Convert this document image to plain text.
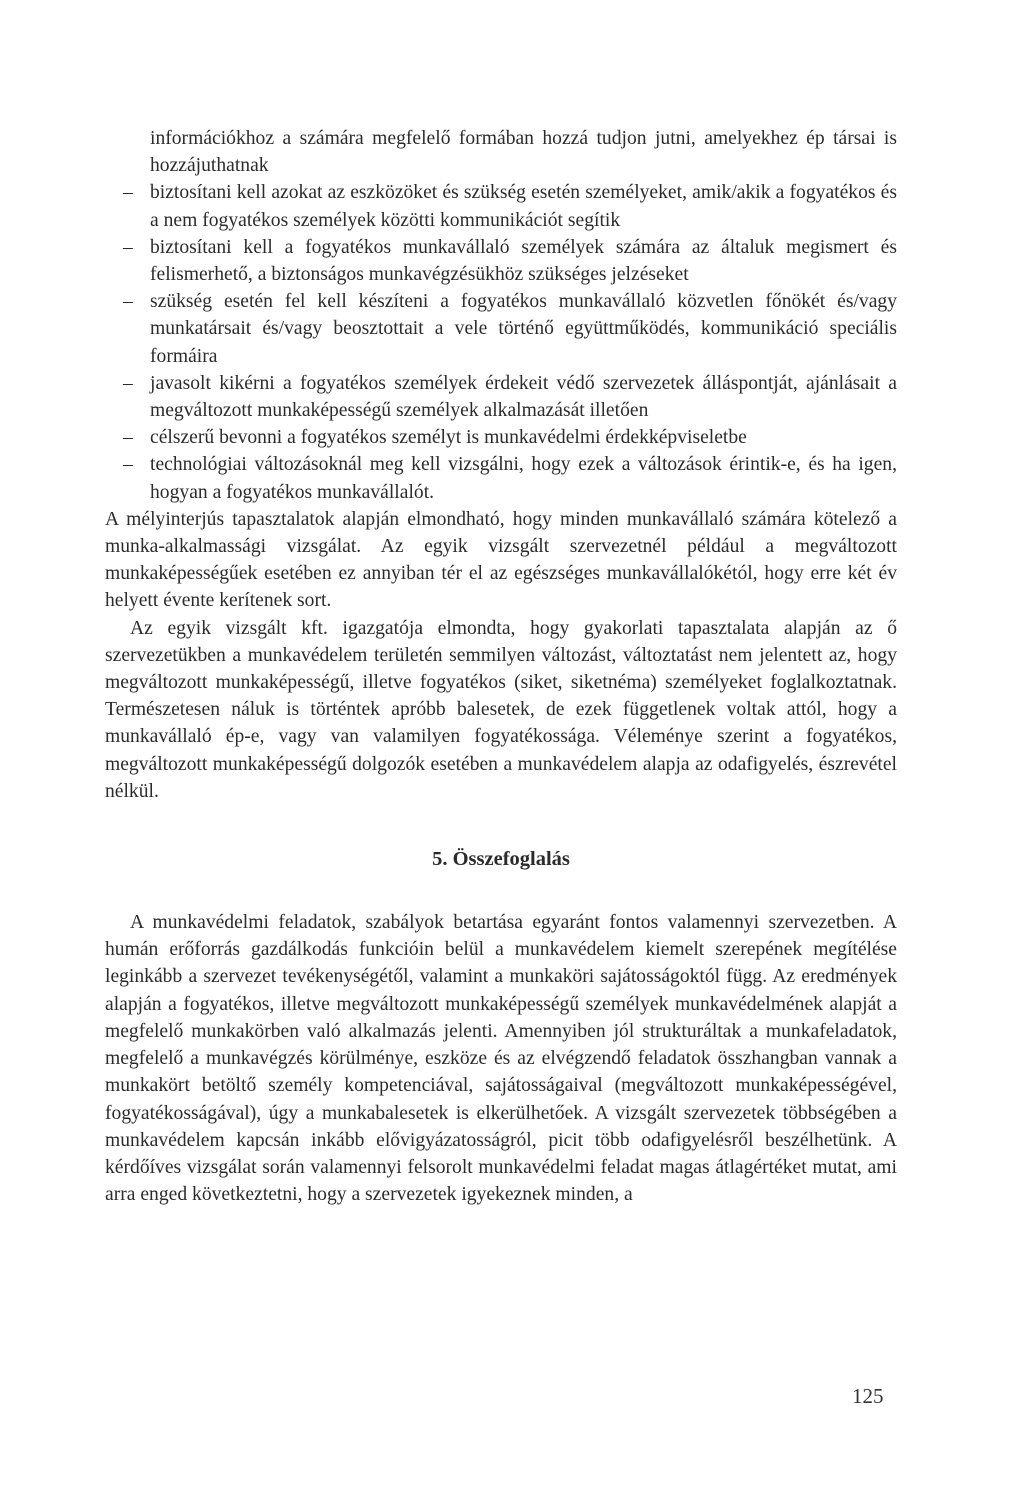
információkhoz a számára megfelelő formában hozzá tudjon jutni, amelyekhez ép társai is hozzájuthatnak

– biztosítani kell azokat az eszközöket és szükség esetén személyeket, amik/akik a fogyatékos és a nem fogyatékos személyek közötti kommunikációt segítik
– biztosítani kell a fogyatékos munkavállaló személyek számára az általuk megismert és felismerhető, a biztonságos munkavégzésükhöz szükséges jelzéseket
– szükség esetén fel kell készíteni a fogyatékos munkavállaló közvetlen főnökét és/vagy munkatársait és/vagy beosztottait a vele történő együttműködés, kommunikáció speciális formáira
– javasolt kikérni a fogyatékos személyek érdekeit védő szervezetek álláspontját, ajánlásait a megváltozott munkaképességű személyek alkalmazását illetően
– célszerű bevonni a fogyatékos személyt is munkavédelmi érdekképviseletbe
– technológiai változásoknál meg kell vizsgálni, hogy ezek a változások érintik-e, és ha igen, hogyan a fogyatékos munkavállalót.

A mélyinterjús tapasztalatok alapján elmondható, hogy minden munkavállaló számára kötelező a munka-alkalmassági vizsgálat. Az egyik vizsgált szervezetnél például a megváltozott munkaképességűek esetében ez annyiban tér el az egészséges munkavállalókétól, hogy erre két év helyett évente kerítenek sort.

Az egyik vizsgált kft. igazgatója elmondta, hogy gyakorlati tapasztalata alapján az ő szervezetükben a munkavédelem területén semmilyen változást, változtatást nem jelentett az, hogy megváltozott munkaképességű, illetve fogyatékos (siket, siketnéma) személyeket foglalkoztatnak. Természetesen náluk is történtek apróbb balesetek, de ezek függetlenek voltak attól, hogy a munkavállaló ép-e, vagy van valamilyen fogyatékossága. Véleménye szerint a fogyatékos, megváltozott munkaképességű dolgozók esetében a munkavédelem alapja az odafigyelés, észrevétel nélkül.

5. Összefoglalás

A munkavédelmi feladatok, szabályok betartása egyaránt fontos valamennyi szervezetben. A humán erőforrás gazdálkodás funkcióin belül a munkavédelem kiemelt szerepének megítélése leginkább a szervezet tevékenységétől, valamint a munkaköri sajátosságoktól függ. Az eredmények alapján a fogyatékos, illetve megváltozott munkaképességű személyek munkavédelmének alapját a megfelelő munkakörben való alkalmazás jelenti. Amennyiben jól strukturáltak a munkafeladatok, megfelelő a munkavégzés körülménye, eszköze és az elvégzendő feladatok összhangban vannak a munkakört betöltő személy kompetenciával, sajátosságaival (megváltozott munkaképességével, fogyatékosságával), úgy a munkabalesetek is elkerülhetőek. A vizsgált szervezetek többségében a munkavédelem kapcsán inkább elővigyázatosságról, picit több odafigyelésről beszélhetünk. A kérdőíves vizsgálat során valamennyi felsorolt munkavédelmi feladat magas átlagértéket mutat, ami arra enged következtetni, hogy a szervezetek igyekeznek minden, a

125
